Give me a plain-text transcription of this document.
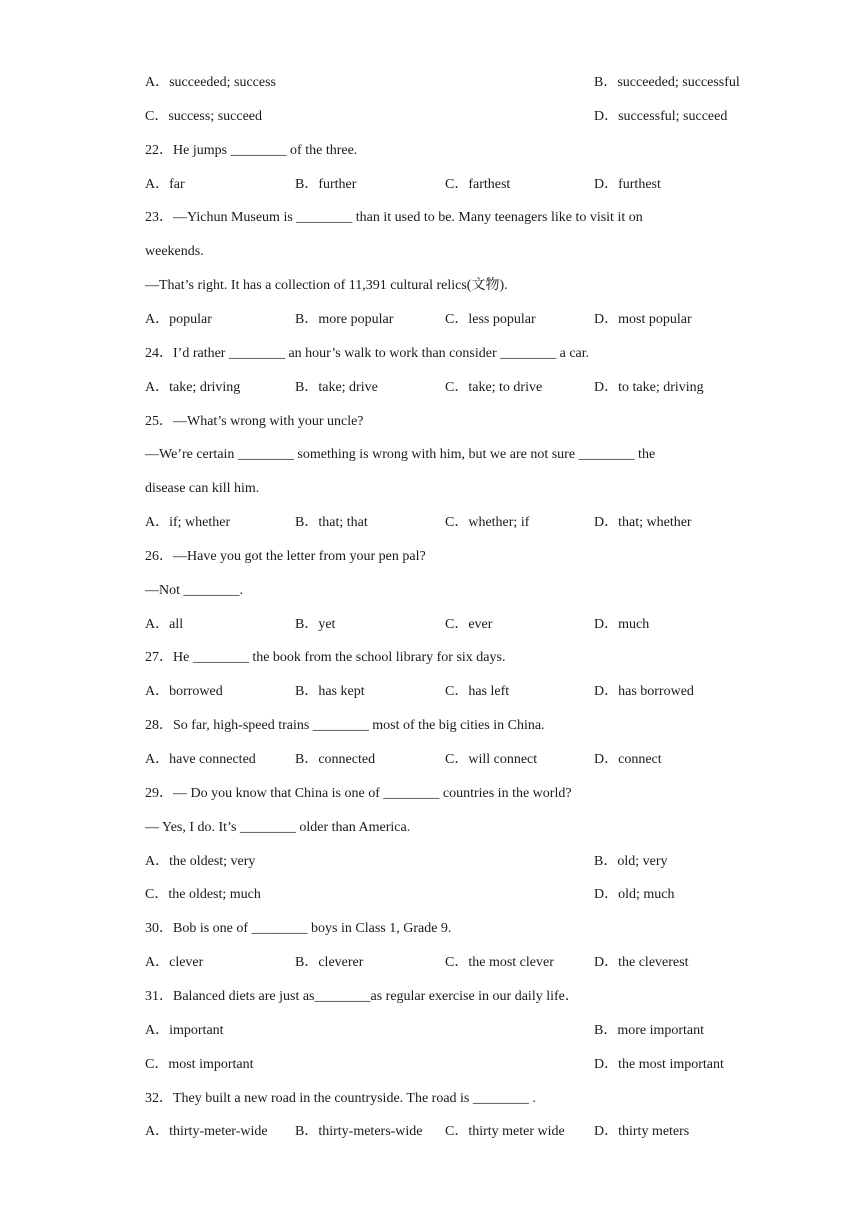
A．succeeded; success	B．succeeded; successful
C．success; succeed	D．successful; succeed
22．He jumps ________ of the three.
A．far	B．further	C．farthest	D．furthest
23．—Yichun Museum is ________ than it used to be. Many teenagers like to visit it on
weekends.
—That’s right. It has a collection of 11,391 cultural relics(文物).
A．popular	B．more popular	C．less popular	D．most popular
24．I’d rather ________ an hour’s walk to work than consider ________ a car.
A．take; driving	B．take; drive	C．take; to drive	D．to take; driving
25．—What’s wrong with your uncle?
—We’re certain ________ something is wrong with him, but we are not sure ________ the
disease can kill him.
A．if; whether	B．that; that	C．whether; if	D．that; whether
26．—Have you got the letter from your pen pal?
—Not ________.
A．all	B．yet	C．ever	D．much
27．He ________ the book from the school library for six days.
A．borrowed	B．has kept	C．has left	D．has borrowed
28．So far, high-speed trains ________ most of the big cities in China.
A．have connected	B．connected	C．will connect	D．connect
29．— Do you know that China is one of ________ countries in the world?
— Yes, I do. It’s ________ older than America.
A．the oldest; very	B．old; very
C．the oldest; much	D．old; much
30．Bob is one of ________ boys in Class 1, Grade 9.
A．clever	B．cleverer	C．the most clever	D．the cleverest
31．Balanced diets are just as________as regular exercise in our daily life．
A．important	B．more important
C．most important	D．the most important
32．They built a new road in the countryside. The road is ________ .
A．thirty-meter-wide B．thirty-meters-wide C．thirty meter wide D．thirty meters
